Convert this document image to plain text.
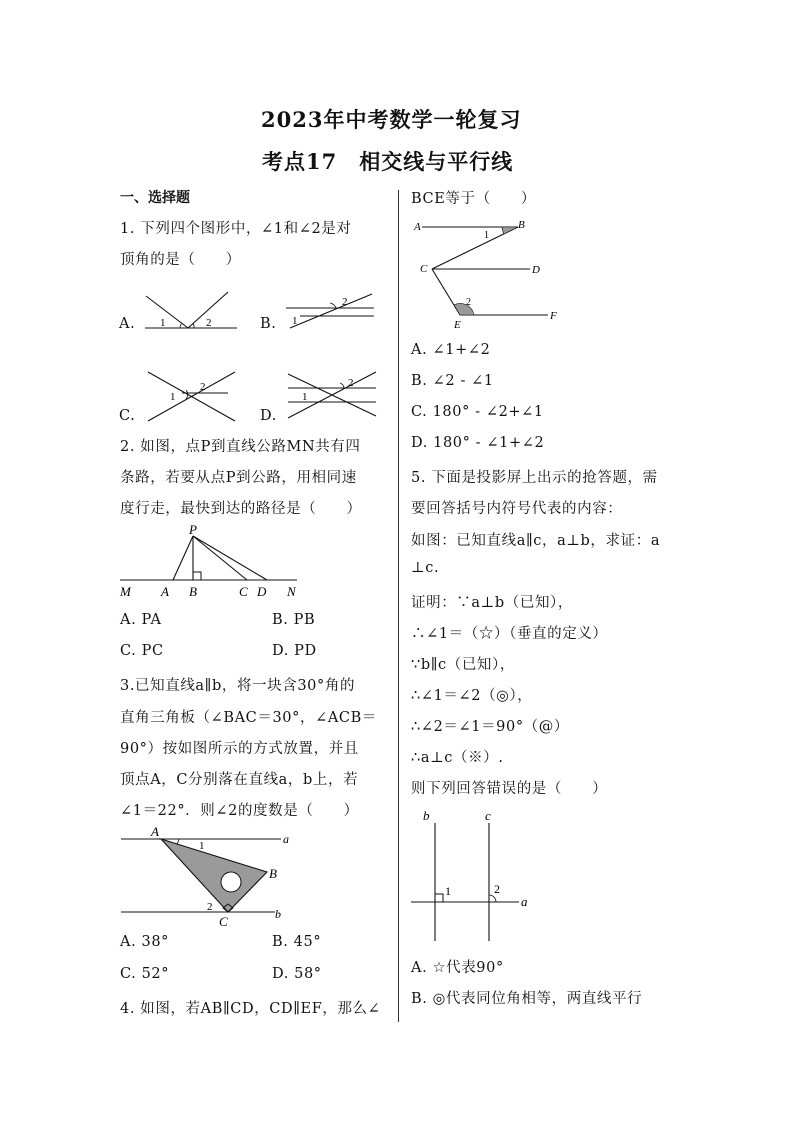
2023年中考数学一轮复习
考点17　相交线与平行线
一、选择题
1. 下列四个图形中，∠1和∠2是对
顶角的是（　　）
A. 1	2	B.
2
1
C.
1
2
D.
2
1
2. 如图，点P到直线公路MN共有四
条路，若要从点P到公路，用相同速
度行走，最快到达的路径是（　　）
P
M A B	C D N
A. PA	B. PB
C. PC	D. PD
3.已知直线a∥b，将一块含30°角的
直角三角板（∠BAC＝30°，∠ACB＝
90°）按如图所示的方式放置，并且
顶点A，C分别落在直线a，b上，若
∠1＝22°．则∠2的度数是（　　）
A
B
C
a
b
1
2
A. 38°	B. 45°
C. 52°	D. 58°
4. 如图，若AB∥CD，CD∥EF，那么∠
BCE等于（　　）
A	B
C	D
E
F
1
2
A. ∠1+∠2
B. ∠2 - ∠1
C. 180° - ∠2+∠1
D. 180° - ∠1+∠2
5. 下面是投影屏上出示的抢答题，需
要回答括号内符号代表的内容：
如图：已知直线a∥c，a⊥b，求证：a
⊥c.
证明：∵a⊥b（已知），
∴∠1＝（☆）（垂直的定义）
∵b∥c（已知），
∴∠1＝∠2（◎），
∴∠2＝∠1＝90°（@）
∴a⊥c（※）.
则下列回答错误的是（　　）
b	c
a
1	2
A. ☆代表90°
B. ◎代表同位角相等，两直线平行
